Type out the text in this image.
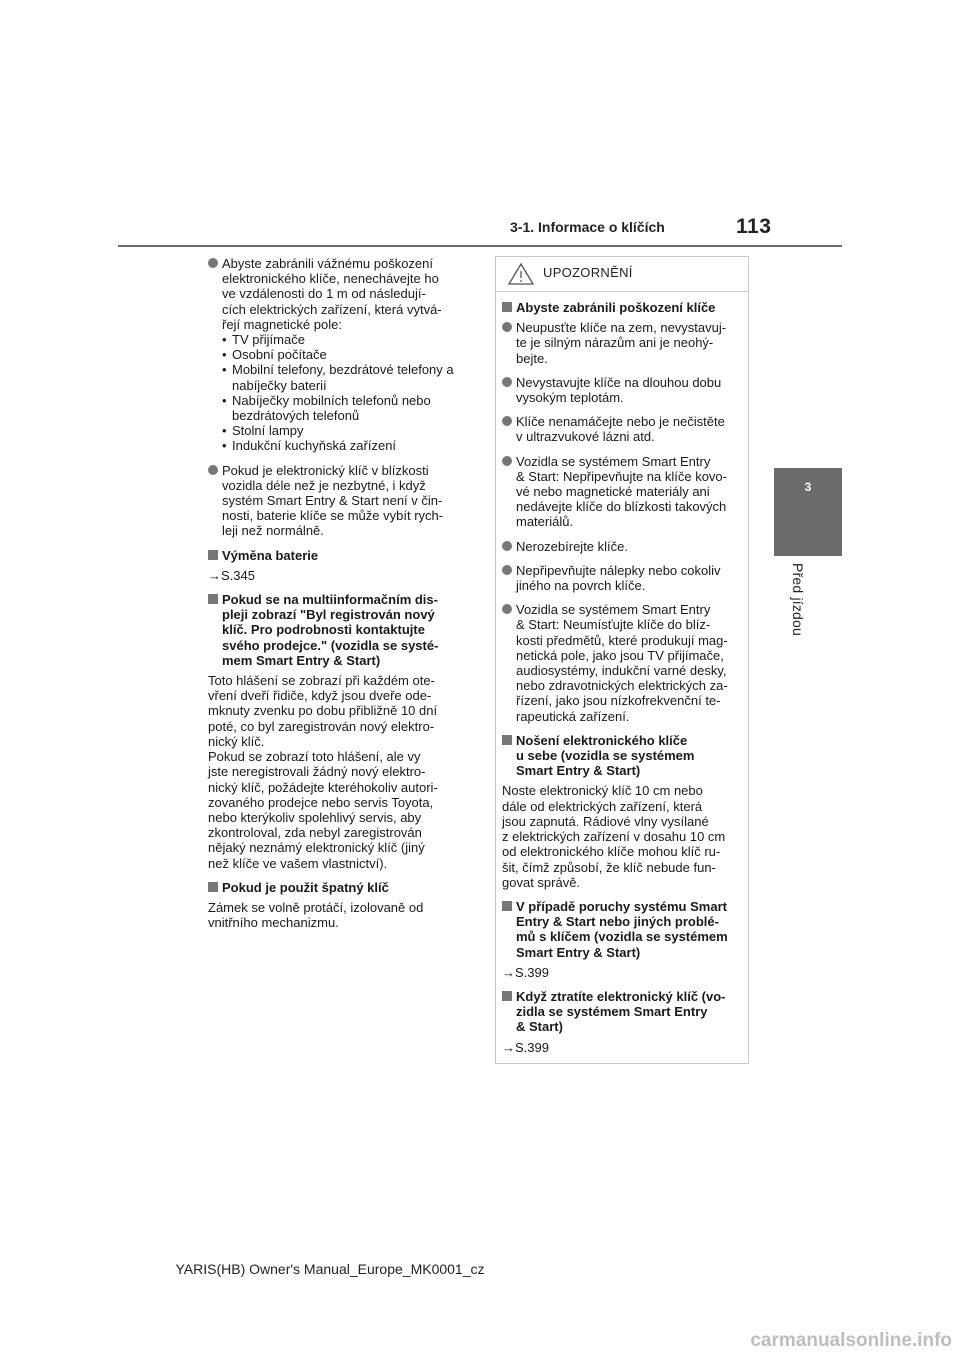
3-1. Informace o klíčích	113
3
Před jízdou
Abyste zabránili vážnému poškození
elektronického klíče, nenechávejte ho
ve vzdálenosti do 1 m od následují-
cích elektrických zařízení, která vytvá-
řejí magnetické pole:
• TV přijímače
• Osobní počítače
• Mobilní telefony, bezdrátové telefony a nabíječky baterií
• Nabíječky mobilních telefonů nebo bezdrátových telefonů
• Stolní lampy
• Indukční kuchyňská zařízení
Pokud je elektronický klíč v blízkosti
vozidla déle než je nezbytné, i když
systém Smart Entry & Start není v čin-
nosti, baterie klíče se může vybít rych-
leji než normálně.
Výměna baterie
→S.345
Pokud se na multiinformačním dis-
pleji zobrazí "Byl registrován nový
klíč. Pro podrobnosti kontaktujte
svého prodejce." (vozidla se systé-
mem Smart Entry & Start)
Toto hlášení se zobrazí při každém ote-
vření dveří řidiče, když jsou dveře ode-
mknuty zvenku po dobu přibližně 10 dní
poté, co byl zaregistrován nový elektro-
nický klíč.
Pokud se zobrazí toto hlášení, ale vy
jste neregistrovali žádný nový elektro-
nický klíč, požádejte kteréhokoliv autori-
zovaného prodejce nebo servis Toyota,
nebo kterýkoliv spolehlivý servis, aby
zkontroloval, zda nebyl zaregistrován
nějaký neznámý elektronický klíč (jiný
než klíče ve vašem vlastnictví).
Pokud je použit špatný klíč
Zámek se volně protáčí, izolovaně od
vnitřního mechanizmu.
UPOZORNĚNÍ
Abyste zabránili poškození klíče
Neupusťte klíče na zem, nevystavuj-
te je silným nárazům ani je neohý-
bejte.
Nevystavujte klíče na dlouhou dobu
vysokým teplotám.
Klíče nenamáčejte nebo je nečistěte
v ultrazvukové lázni atd.
Vozidla se systémem Smart Entry
& Start: Nepřipevňujte na klíče kovo-
vé nebo magnetické materiály ani
nedávejte klíče do blízkosti takových
materiálů.
Nerozebírejte klíče.
Nepřipevňujte nálepky nebo cokoliv
jiného na povrch klíče.
Vozidla se systémem Smart Entry
& Start: Neumísťujte klíče do blíz-
kosti předmětů, které produkují mag-
netická pole, jako jsou TV přijímače,
audiosystémy, indukční varné desky,
nebo zdravotnických elektrických za-
řízení, jako jsou nízkofrekvenční te-
rapeutická zařízení.
Nošení elektronického klíče
u sebe (vozidla se systémem
Smart Entry & Start)
Noste elektronický klíč 10 cm nebo
dále od elektrických zařízení, která
jsou zapnutá. Rádiové vlny vysílané
z elektrických zařízení v dosahu 10 cm
od elektronického klíče mohou klíč ru-
šit, čímž způsobí, že klíč nebude fun-
govat správě.
V případě poruchy systému Smart
Entry & Start nebo jiných problé-
mů s klíčem (vozidla se systémem
Smart Entry & Start)
→S.399
Když ztratíte elektronický klíč (vo-
zidla se systémem Smart Entry
& Start)
→S.399
YARIS(HB) Owner's Manual_Europe_MK0001_cz
carmanualsonline.info
